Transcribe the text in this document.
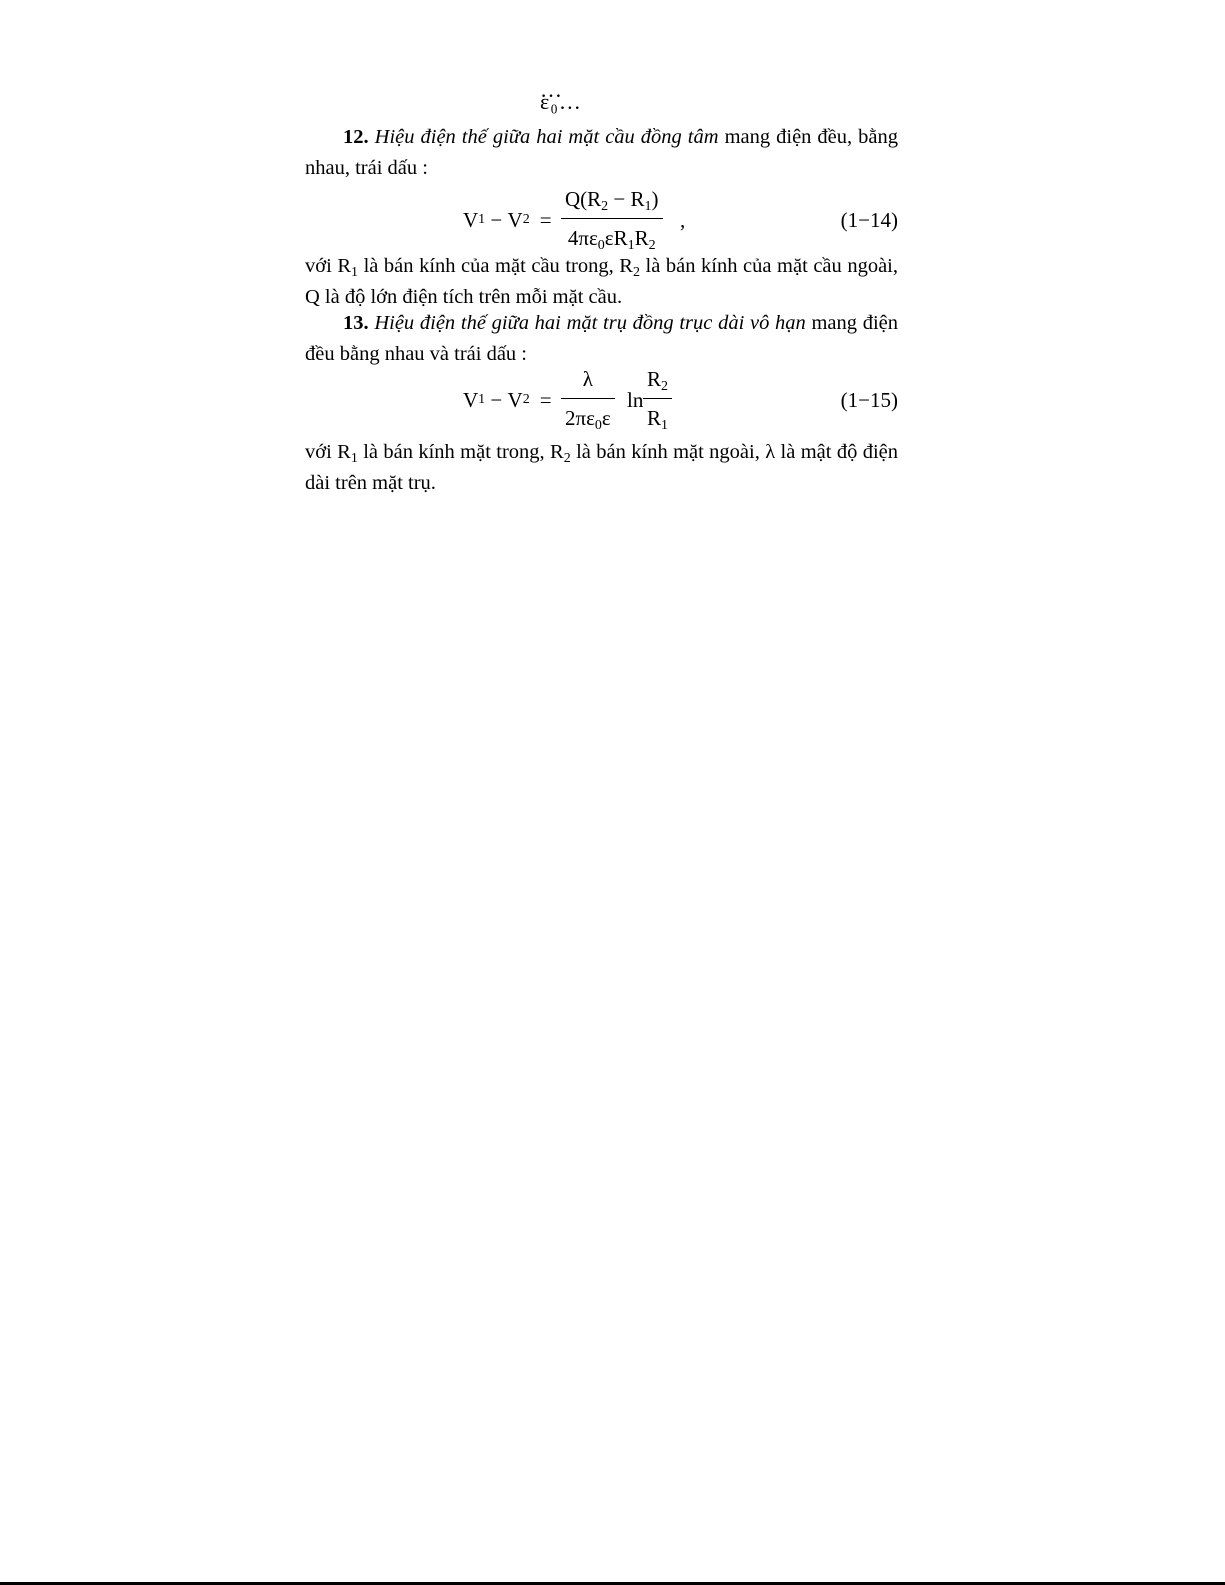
…ε₀…
12. Hiệu điện thế giữa hai mặt cầu đồng tâm mang điện đều, bằng nhau, trái dấu :
V 1 − V 2 =
$Q(R_2 - R_1)$
$4\pi\varepsilon_0\varepsilon R_1R_2$
,	(1−14)
với $R_1$ là bán kính của mặt cầu trong, $R_2$ là bán kính của mặt cầu ngoài, Q là độ lớn điện tích trên mỗi mặt cầu.
13. Hiệu điện thế giữa hai mặt trụ đồng trục dài vô hạn mang điện đều bằng nhau và trái dấu :
V 1 − V 2 =
λ
$2\pi\varepsilon_0\varepsilon$
ln
$R_2$
$R_1$
(1−15)
với $R_1$ là bán kính mặt trong, $R_2$ là bán kính mặt ngoài, λ là mật độ điện dài trên mặt trụ.
